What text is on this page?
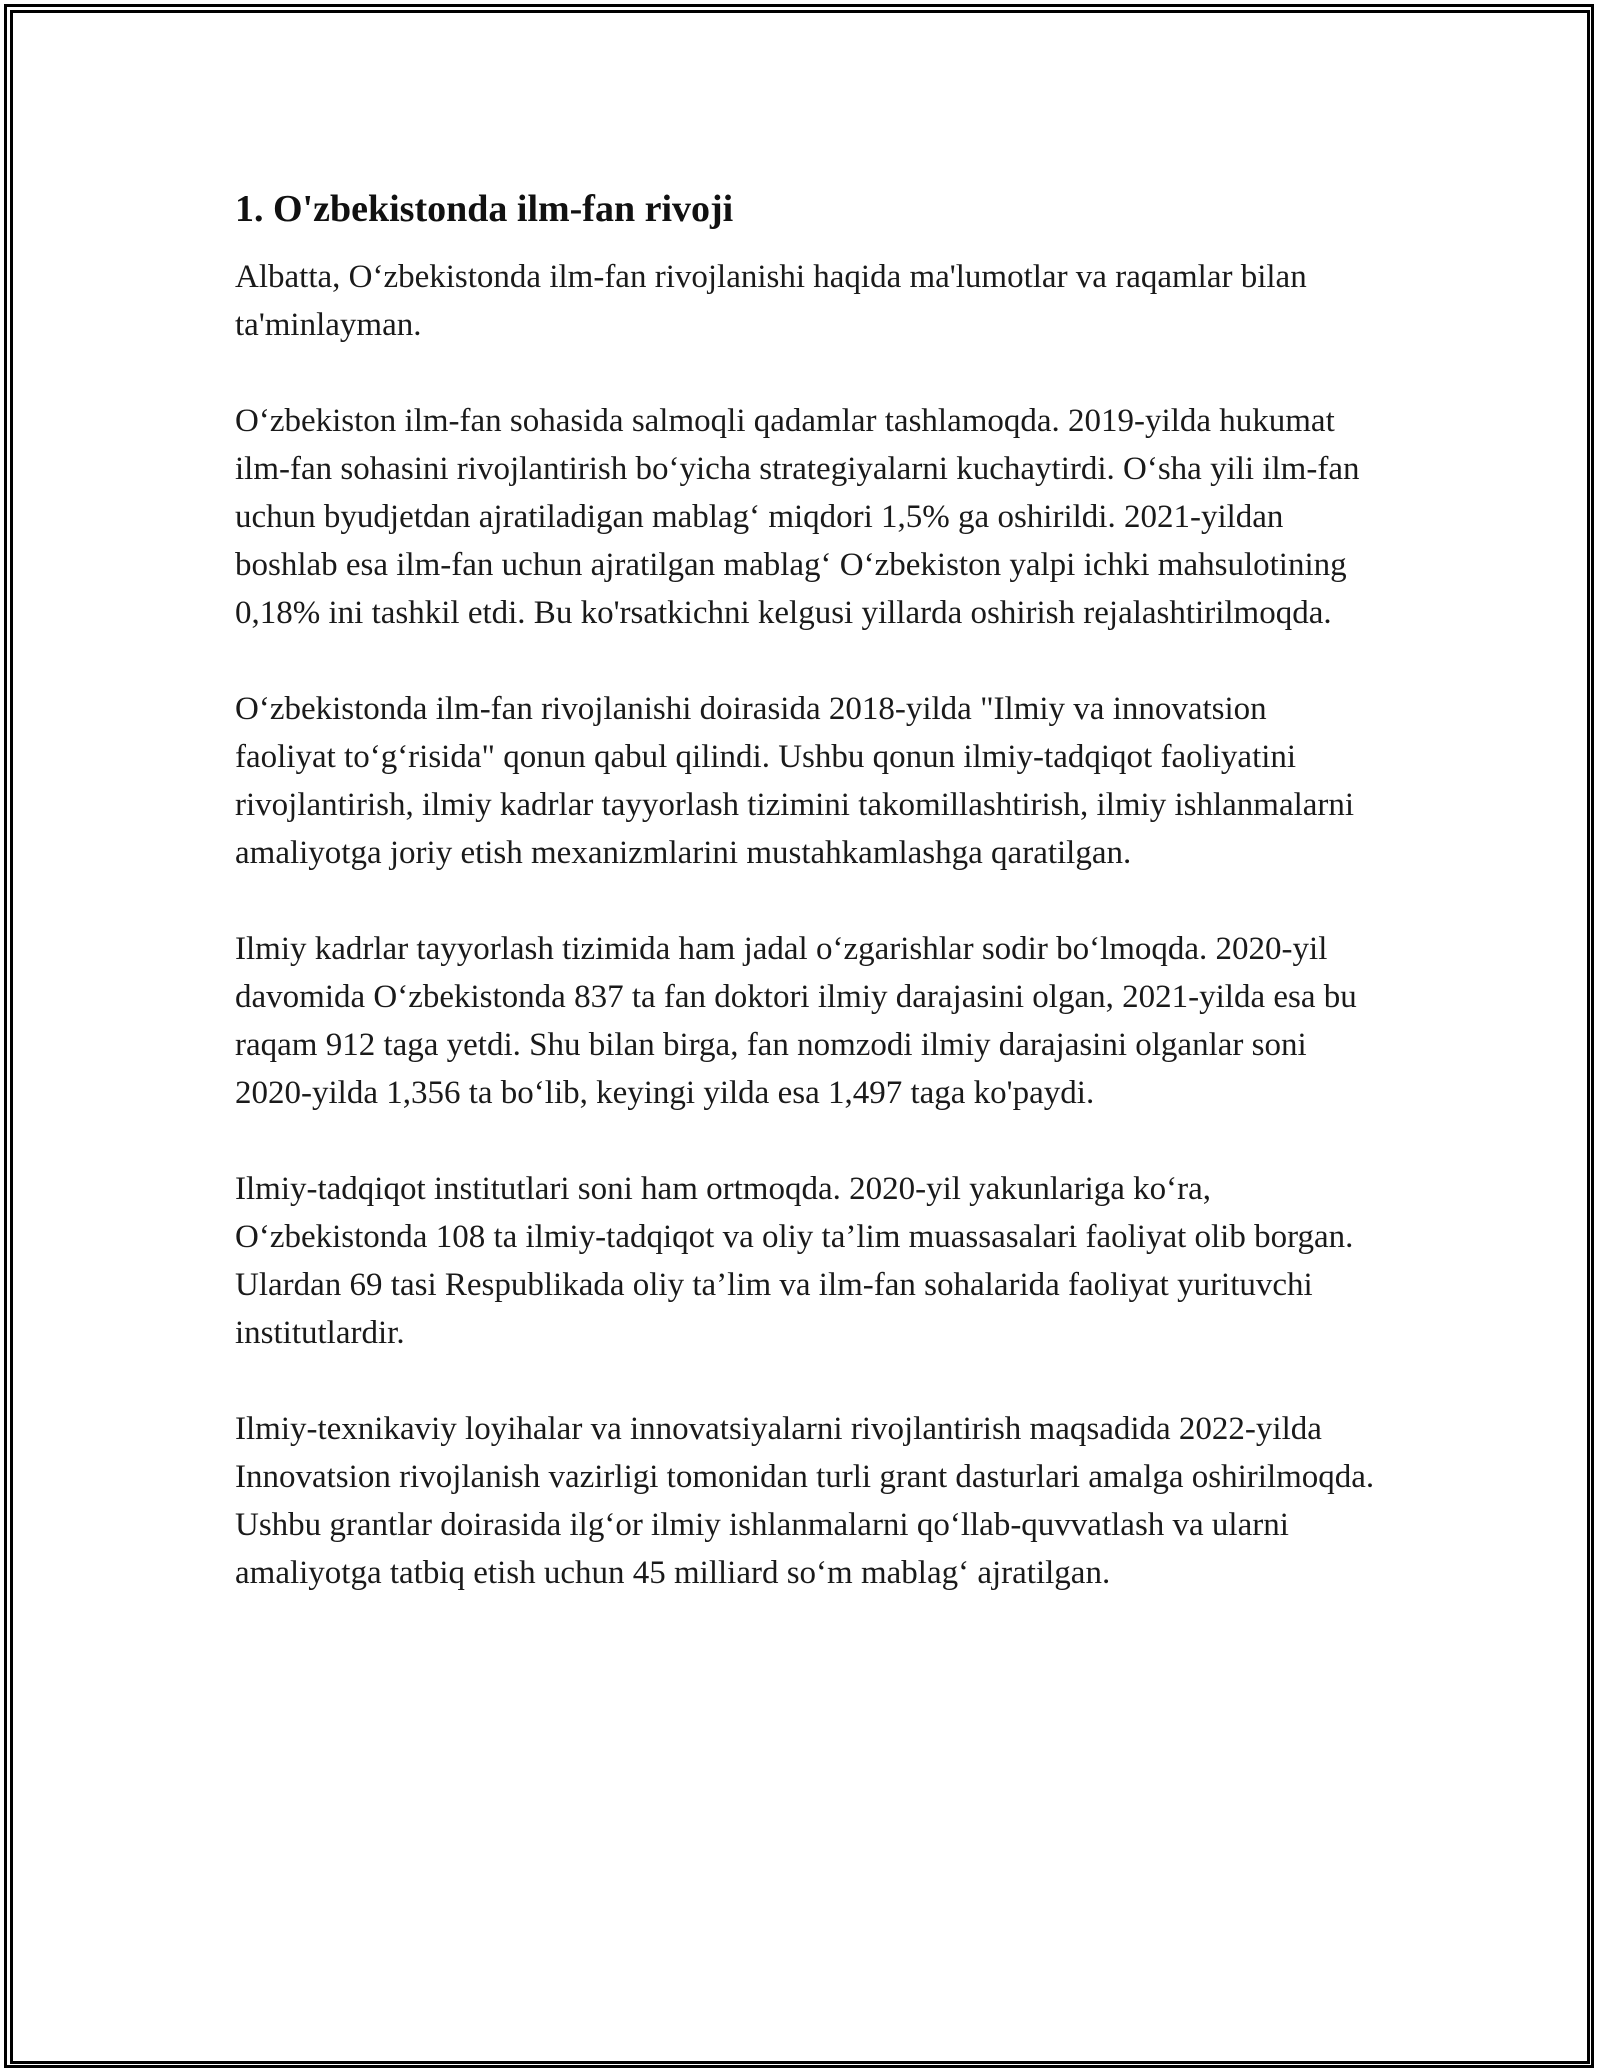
1. O'zbekistonda ilm-fan rivoji

Albatta, O‘zbekistonda ilm-fan rivojlanishi haqida ma'lumotlar va raqamlar bilan ta'minlayman.

O‘zbekiston ilm-fan sohasida salmoqli qadamlar tashlamoqda. 2019-yilda hukumat ilm-fan sohasini rivojlantirish bo‘yicha strategiyalarni kuchaytirdi. O‘sha yili ilm-fan uchun byudjetdan ajratiladigan mablag‘ miqdori 1,5% ga oshirildi. 2021-yildan boshlab esa ilm-fan uchun ajratilgan mablag‘ O‘zbekiston yalpi ichki mahsulotining 0,18% ini tashkil etdi. Bu ko'rsatkichni kelgusi yillarda oshirish rejalashtirilmoqda.

O‘zbekistonda ilm-fan rivojlanishi doirasida 2018-yilda "Ilmiy va innovatsion faoliyat to‘g‘risida" qonun qabul qilindi. Ushbu qonun ilmiy-tadqiqot faoliyatini rivojlantirish, ilmiy kadrlar tayyorlash tizimini takomillashtirish, ilmiy ishlanmalarni amaliyotga joriy etish mexanizmlarini mustahkamlashga qaratilgan.

Ilmiy kadrlar tayyorlash tizimida ham jadal o‘zgarishlar sodir bo‘lmoqda. 2020-yil davomida O‘zbekistonda 837 ta fan doktori ilmiy darajasini olgan, 2021-yilda esa bu raqam 912 taga yetdi. Shu bilan birga, fan nomzodi ilmiy darajasini olganlar soni 2020-yilda 1,356 ta bo‘lib, keyingi yilda esa 1,497 taga ko'paydi.

Ilmiy-tadqiqot institutlari soni ham ortmoqda. 2020-yil yakunlariga ko‘ra, O‘zbekistonda 108 ta ilmiy-tadqiqot va oliy ta’lim muassasalari faoliyat olib borgan. Ulardan 69 tasi Respublikada oliy ta’lim va ilm-fan sohalarida faoliyat yurituvchi institutlardir.

Ilmiy-texnikaviy loyihalar va innovatsiyalarni rivojlantirish maqsadida 2022-yilda Innovatsion rivojlanish vazirligi tomonidan turli grant dasturlari amalga oshirilmoqda. Ushbu grantlar doirasida ilg‘or ilmiy ishlanmalarni qo‘llab-quvvatlash va ularni amaliyotga tatbiq etish uchun 45 milliard so‘m mablag‘ ajratilgan.
